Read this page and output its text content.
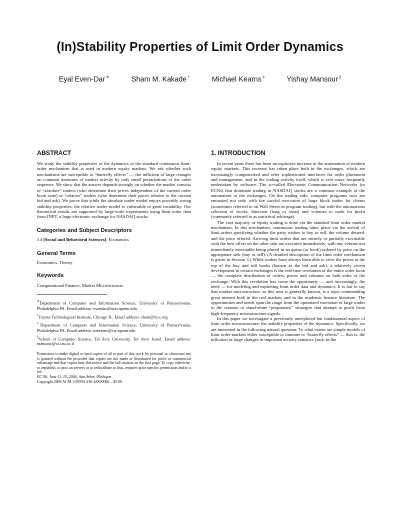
(In)Stability Properties of Limit Order Dynamics
Eyal Even-Dar∗	Sham M. Kakade†	Michael Kearns‡	Yishay Mansour§
ABSTRACT

We study the stability properties of the dynamics of the standard continuous limit-order mechanism that is used in modern equity markets. We ask whether such mechanisms are susceptible to “butterfly effects” — the infliction of large changes on common measures of market activity by only small perturbations of the order sequence. We show that the answer depends strongly on whether the market consists of “absolute” traders (who determine their prices independent of the current order book state) or “relative” traders (who determine their prices relative to the current bid and ask). We prove that while the absolute trader model enjoys provably strong stability properties, the relative trader model is vulnerable to great instability. Our theoretical results are supported by large-scale experiments using limit order data from INET, a large electronic exchange for NASDAQ stocks.

Categories and Subject Descriptors

J.4 [Social and Behavioral Sciences]: Economics

General Terms

Economics, Theory

Keywords

Computational Finance, Market Microstructure

∗Department of Computer and Information Science, University of Pennsylvania, Philadelphia PA. Email address: evendar@seas.upenn.edu

†Toyota Technological Institute, Chicago IL. Email address: sham@tti-c.org

‡Department of Computer and Information Science, University of Pennsylvania, Philadelphia PA. Email address: mkearns@cis.upenn.edu

§School of Computer Science, Tel Aviv University, Tel Aviv, Israel. Email address: mansour@cs.tau.ac.il

Permission to make digital or hard copies of all or part of this work for personal or classroom use is granted without fee provided that copies are not made or distributed for profit or commercial advantage and that copies bear this notice and the full citation on the first page. To copy otherwise, to republish, to post on servers or to redistribute to lists, requires prior specific permission and/or a fee.

EC’06, June 11–15, 2006, Ann Arbor, Michigan.

Copyright 2006 ACM 1-59593-236-4/06/0006 ...$5.00.

1. INTRODUCTION

In recent years there has been an explosive increase in the automation of modern equity markets. This increase has taken place both in the exchanges, which are increasingly computerized and offer sophisticated interfaces for order placement and management, and in the trading activity itself, which is ever more frequently undertaken by software. The so-called Electronic Communication Networks (or ECNs) that dominate trading in NASDAQ stocks are a common example of the automation at the exchanges. On the trading side, computer programs now are entrusted not only with the careful execution of large block trades for clients (sometimes referred to on Wall Street as program trading), but with the autonomous selection of stocks, direction (long or short) and volumes to trade for profit (commonly referred to as statistical arbitrage).

The vast majority of equity trading is done via the standard limit order market mechanism. In this mechanism, continuous trading takes place via the arrival of limit orders specifying whether the party wishes to buy or sell, the volume desired, and the price offered. Arriving limit orders that are entirely or partially executable with the best offers on the other side are executed immediately, with any volume not immediately executable being placed in an queue (or book) ordered by price on the appropriate side (buy or sell). (A detailed description of the limit order mechanism is given in Section 3.) While traders have always been able to view the prices at the top of the buy and sell books (known as the bid and ask), a relatively recent development in certain exchanges is the real-time revelation of the entire order book — the complete distribution of orders, prices and volumes on both sides of the exchange. With this revelation has come the opportunity — and increasingly, the need — for modeling and exploiting limit order data and dynamics. It is fair to say that market microstructure, as this area is generally known, is a topic commanding great interest both in the real markets and in the academic finance literature. The opportunities and needs span the range from the optimized execution of large trades to the creation of stand-alone “proprietary” strategies that attempt to profit from high-frequency microstructure signals.

In this paper we investigate a previously unexplored but fundamental aspect of limit order microstructure: the stability properties of the dynamics. Specifically, we are interested in the following natural question: To what extent are simple models of limit order markets either susceptible or immune to “butterfly effects” — that is, the infliction of large changes in important activity statistics (such as the
